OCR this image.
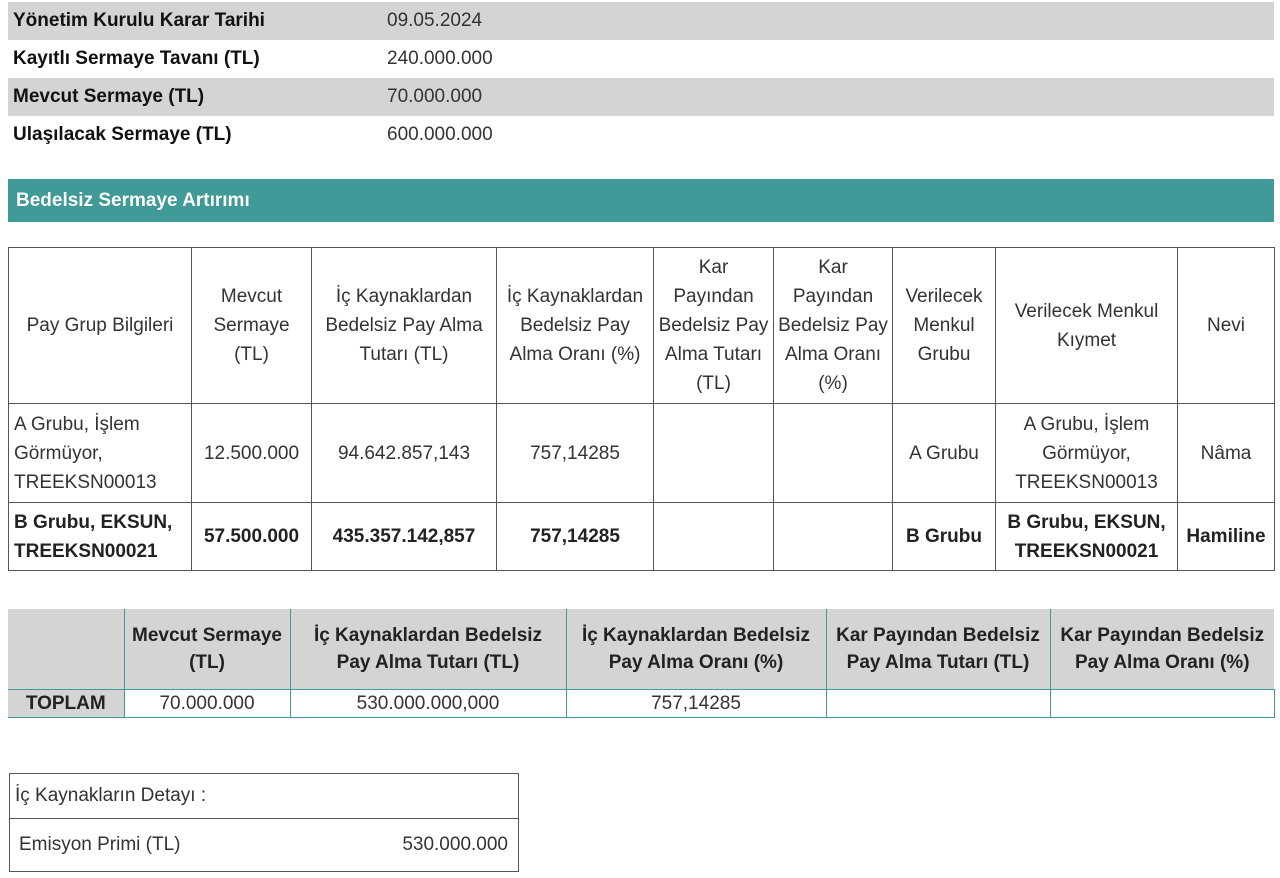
Yönetim Kurulu Karar Tarihi	09.05.2024
Kayıtlı Sermaye Tavanı (TL)	240.000.000
Mevcut Sermaye (TL)	70.000.000
Ulaşılacak Sermaye (TL)	600.000.000
Bedelsiz Sermaye Artırımı
Pay Grup Bilgileri	Mevcut Sermaye (TL)	İç Kaynaklardan Bedelsiz Pay Alma Tutarı (TL)	İç Kaynaklardan Bedelsiz Pay Alma Oranı (%)	Kar Payından Bedelsiz Pay Alma Tutarı (TL)	Kar Payından Bedelsiz Pay Alma Oranı (%)	Verilecek Menkul Grubu	Verilecek Menkul Kıymet	Nevi
A Grubu, İşlem Görmüyor, TREEKSN00013	12.500.000	94.642.857,143	757,14285			A Grubu	A Grubu, İşlem Görmüyor, TREEKSN00013	Nâma
B Grubu, EKSUN, TREEKSN00021	57.500.000	435.357.142,857	757,14285			B Grubu	B Grubu, EKSUN, TREEKSN00021	Hamiline
	Mevcut Sermaye (TL)	İç Kaynaklardan Bedelsiz Pay Alma Tutarı (TL)	İç Kaynaklardan Bedelsiz Pay Alma Oranı (%)	Kar Payından Bedelsiz Pay Alma Tutarı (TL)	Kar Payından Bedelsiz Pay Alma Oranı (%)
TOPLAM	70.000.000	530.000.000,000	757,14285		
İç Kaynakların Detayı :
Emisyon Primi (TL)	530.000.000
